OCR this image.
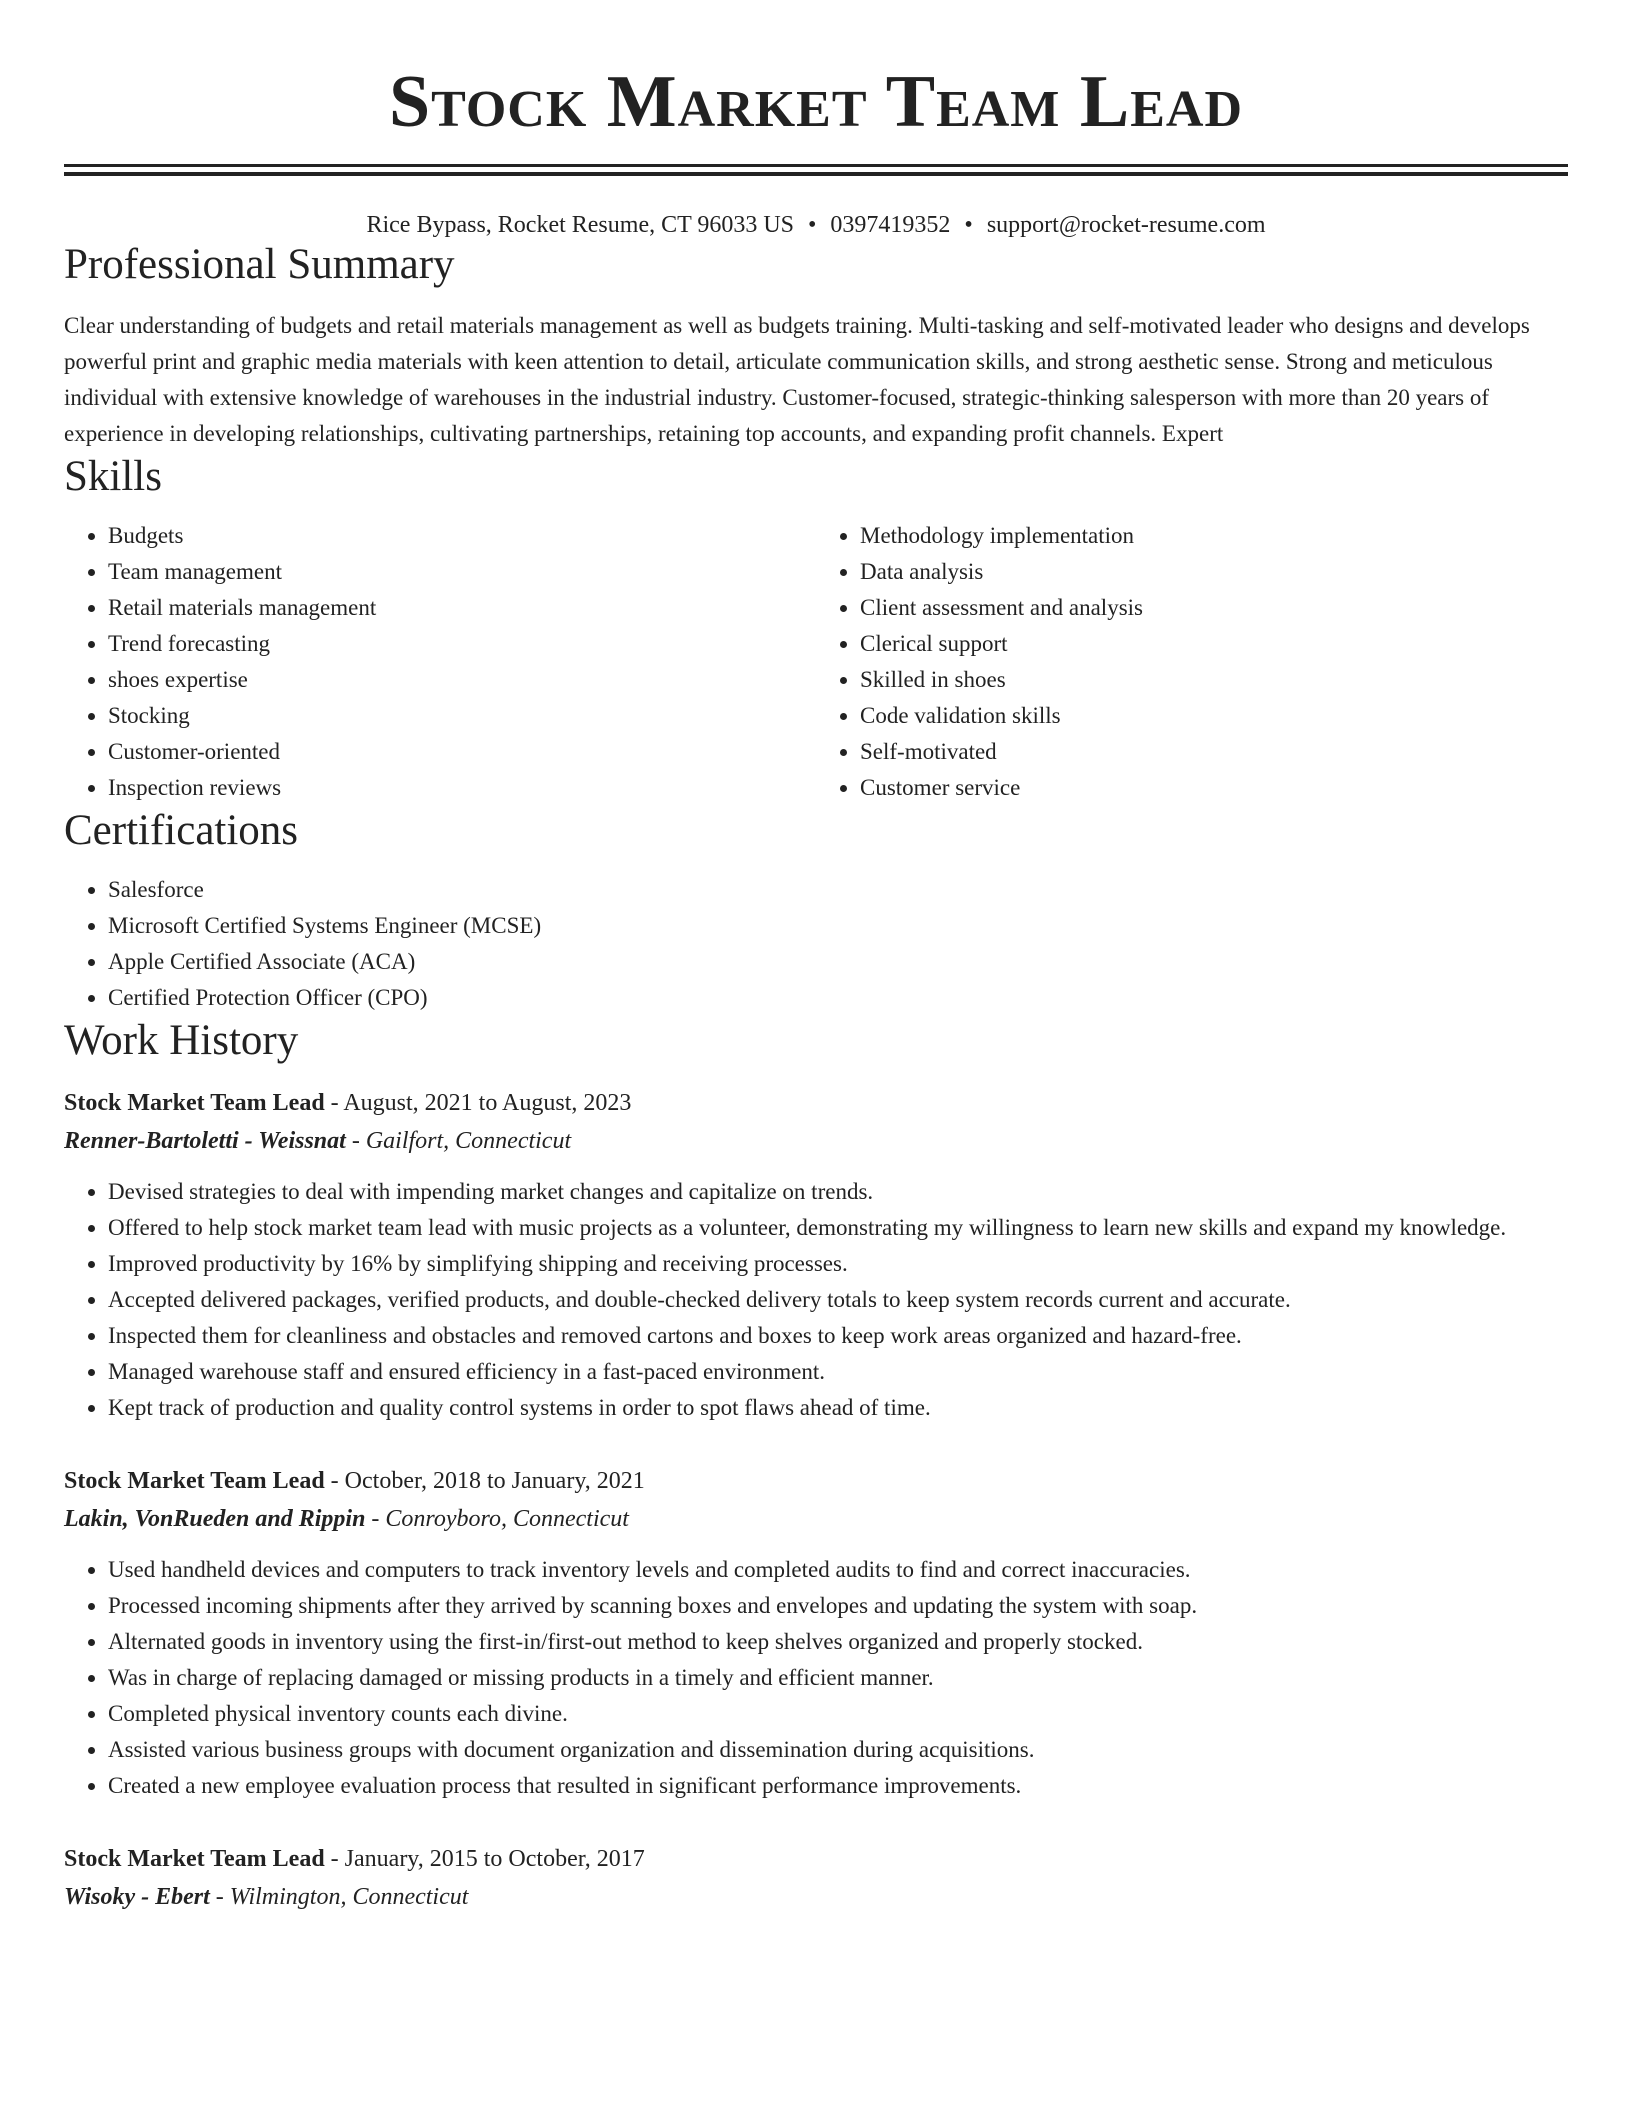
Stock Market Team Lead
Rice Bypass, Rocket Resume, CT 96033 US • 0397419352 • support@rocket-resume.com
Professional Summary

Clear understanding of budgets and retail materials management as well as budgets training. Multi-tasking and self-motivated leader who designs and develops powerful print and graphic media materials with keen attention to detail, articulate communication skills, and strong aesthetic sense. Strong and meticulous individual with extensive knowledge of warehouses in the industrial industry. Customer-focused, strategic-thinking salesperson with more than 20 years of experience in developing relationships, cultivating partnerships, retaining top accounts, and expanding profit channels. Expert

Skills
• Budgets
• Team management
• Retail materials management
• Trend forecasting
• shoes expertise
• Stocking
• Customer-oriented
• Inspection reviews
• Methodology implementation
• Data analysis
• Client assessment and analysis
• Clerical support
• Skilled in shoes
• Code validation skills
• Self-motivated
• Customer service
Certifications
• Salesforce
• Microsoft Certified Systems Engineer (MCSE)
• Apple Certified Associate (ACA)
• Certified Protection Officer (CPO)
Work History
Stock Market Team Lead - August, 2021 to August, 2023
Renner-Bartoletti - Weissnat - Gailfort, Connecticut
• Devised strategies to deal with impending market changes and capitalize on trends.
• Offered to help stock market team lead with music projects as a volunteer, demonstrating my willingness to learn new skills and expand my knowledge.
• Improved productivity by 16% by simplifying shipping and receiving processes.
• Accepted delivered packages, verified products, and double-checked delivery totals to keep system records current and accurate.
• Inspected them for cleanliness and obstacles and removed cartons and boxes to keep work areas organized and hazard-free.
• Managed warehouse staff and ensured efficiency in a fast-paced environment.
• Kept track of production and quality control systems in order to spot flaws ahead of time.
Stock Market Team Lead - October, 2018 to January, 2021
Lakin, VonRueden and Rippin - Conroyboro, Connecticut
• Used handheld devices and computers to track inventory levels and completed audits to find and correct inaccuracies.
• Processed incoming shipments after they arrived by scanning boxes and envelopes and updating the system with soap.
• Alternated goods in inventory using the first-in/first-out method to keep shelves organized and properly stocked.
• Was in charge of replacing damaged or missing products in a timely and efficient manner.
• Completed physical inventory counts each divine.
• Assisted various business groups with document organization and dissemination during acquisitions.
• Created a new employee evaluation process that resulted in significant performance improvements.
Stock Market Team Lead - January, 2015 to October, 2017
Wisoky - Ebert - Wilmington, Connecticut
